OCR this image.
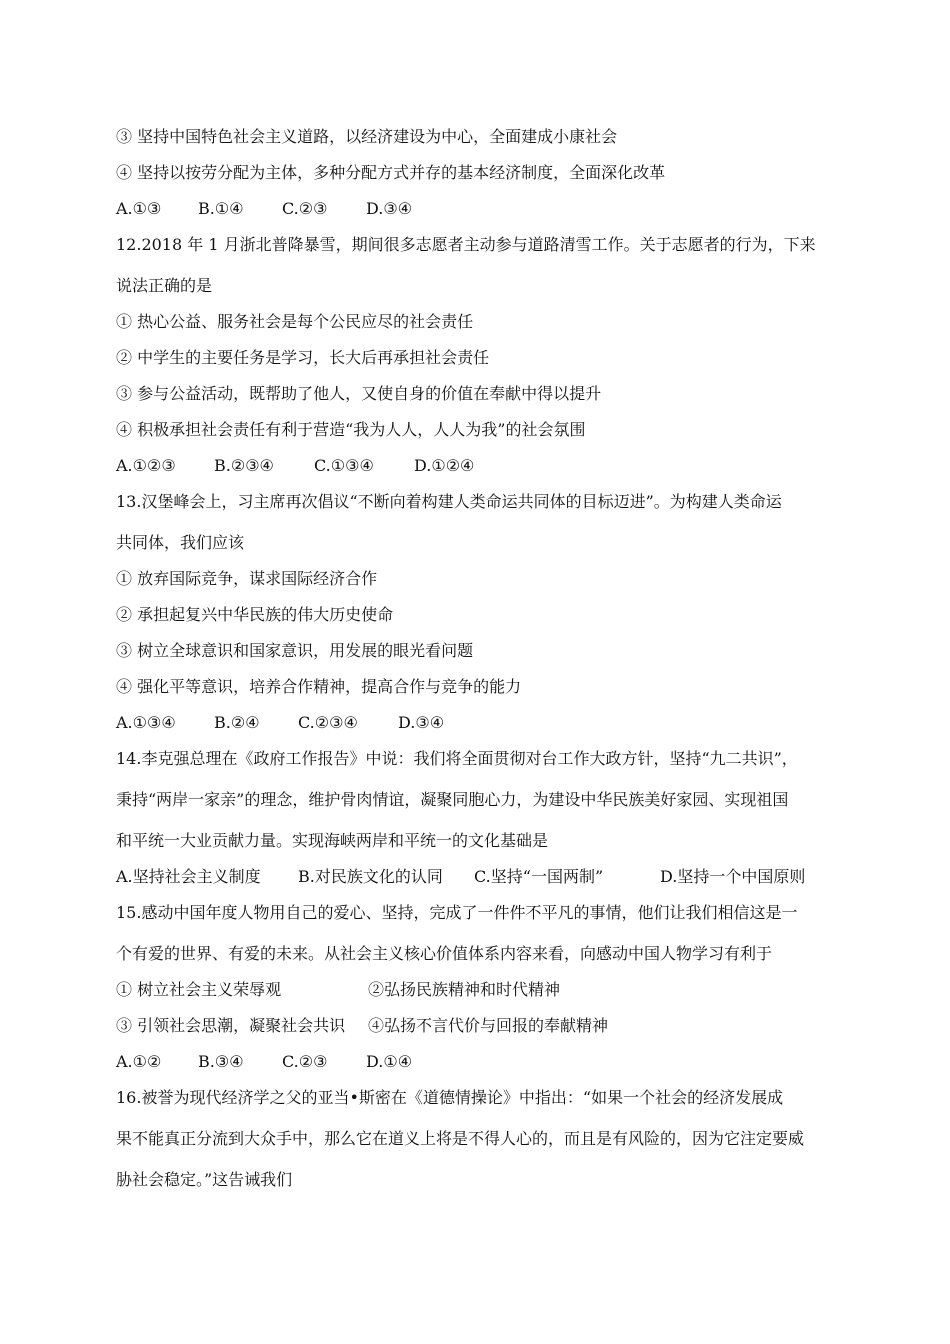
③ 坚持中国特色社会主义道路，以经济建设为中心，全面建成小康社会
④ 坚持以按劳分配为主体，多种分配方式并存的基本经济制度，全面深化改革
A.①③ B.①④ C.②③ D.③④
12.2018 年 1 月浙北普降暴雪，期间很多志愿者主动参与道路清雪工作。关于志愿者的行为，下来
说法正确的是
① 热心公益、服务社会是每个公民应尽的社会责任
② 中学生的主要任务是学习，长大后再承担社会责任
③ 参与公益活动，既帮助了他人，又使自身的价值在奉献中得以提升
④ 积极承担社会责任有利于营造“我为人人，人人为我”的社会氛围
A.①②③ B.②③④	C.①③④	D.①②④
13.汉堡峰会上，习主席再次倡议“不断向着构建人类命运共同体的目标迈进”。为构建人类命运
共同体，我们应该
① 放弃国际竞争，谋求国际经济合作
② 承担起复兴中华民族的伟大历史使命
③ 树立全球意识和国家意识，用发展的眼光看问题
④ 强化平等意识，培养合作精神，提高合作与竞争的能力
A.①③④ B.②④ C.②③④	D.③④
14.李克强总理在《政府工作报告》中说：我们将全面贯彻对台工作大政方针，坚持“九二共识”，
秉持“两岸一家亲”的理念，维护骨肉情谊，凝聚同胞心力，为建设中华民族美好家园、实现祖国
和平统一大业贡献力量。实现海峡两岸和平统一的文化基础是
A.坚持社会主义制度 B.对民族文化的认同 C.坚持“一国两制”	D.坚持一个中国原则
15.感动中国年度人物用自己的爱心、坚持，完成了一件件不平凡的事情，他们让我们相信这是一
个有爱的世界、有爱的未来。从社会主义核心价值体系内容来看，向感动中国人物学习有利于
① 树立社会主义荣辱观	②弘扬民族精神和时代精神
③ 引领社会思潮，凝聚社会共识 ④弘扬不言代价与回报的奉献精神
A.①② B.③④ C.②③ D.①④
16.被誉为现代经济学之父的亚当•斯密在《道德情操论》中指出：“如果一个社会的经济发展成
果不能真正分流到大众手中，那么它在道义上将是不得人心的，而且是有风险的，因为它注定要威
胁社会稳定。”这告诫我们
